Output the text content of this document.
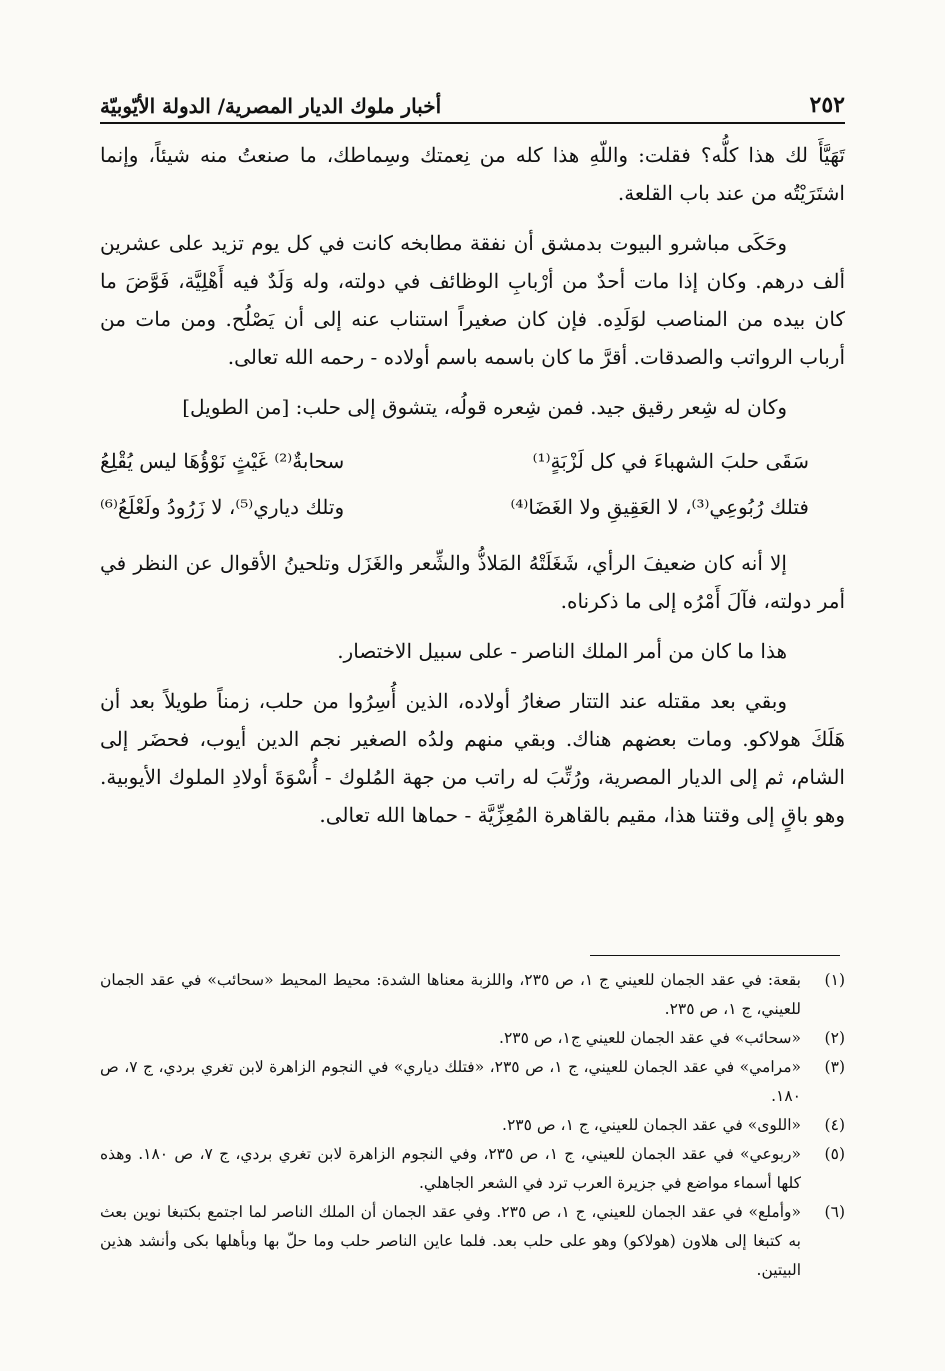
٢٥٢
أخبار ملوك الديار المصرية/ الدولة الأيّوبيّة

تَهَيَّأَ لك هذا كلُّه؟ فقلت: واللّهِ هذا كله من نِعمتك وسِماطك، ما صنعتُ منه شيئاً، وإنما اشتَرَيْتُه من عند باب القلعة.

وحَكَى مباشرو البيوت بدمشق أن نفقة مطابخه كانت في كل يوم تزيد على عشرين ألف درهم. وكان إذا مات أحدٌ من أرْبابِ الوظائف في دولته، وله وَلَدٌ فيه أَهْلِيَّة، فَوَّضَ ما كان بيده من المناصب لوَلَدِه. فإن كان صغيراً استناب عنه إلى أن يَصْلُح. ومن مات من أرباب الرواتب والصدقات. أقرَّ ما كان باسمه باسم أولاده - رحمه الله تعالى.

وكان له شِعر رقيق جيد. فمن شِعره قولُه، يتشوق إلى حلب: [من الطويل]

سَقَى حلبَ الشهباءَ في كل لَزْبَةٍ⁽¹⁾
سحابةٌ⁽²⁾ غَيْثٍ نَوْؤُهَا ليس يُقْلِعُ
فتلك رُبُوعِي⁽³⁾، لا العَقِيقِ ولا الغَضَا⁽⁴⁾
وتلك دياري⁽⁵⁾، لا زَرُودُ ولَعْلَعُ⁽⁶⁾

إلا أنه كان ضعيفَ الرأي، شَغَلَتْهُ المَلاذُّ والشِّعر والغَزَل وتلحينُ الأقوال عن النظر في أمر دولته، فآلَ أَمْرُه إلى ما ذكرناه.

هذا ما كان من أمر الملك الناصر - على سبيل الاختصار.

وبقي بعد مقتله عند التتار صغارُ أولاده، الذين أُسِرُوا من حلب، زمناً طويلاً بعد أن هَلَكَ هولاكو. ومات بعضهم هناك. وبقي منهم ولدُه الصغير نجم الدين أيوب، فحضَر إلى الشام، ثم إلى الديار المصرية، ورُتِّبَ له راتب من جهة المُلوك - أُسْوَةَ أولادِ الملوك الأيوبية. وهو باقٍ إلى وقتنا هذا، مقيم بالقاهرة المُعِزِّيَّة - حماها الله تعالى.

(١)
بقعة: في عقد الجمان للعيني ج ١، ص ٢٣٥، واللزبة معناها الشدة: محيط المحيط «سحائب» في عقد الجمان للعيني، ج ١، ص ٢٣٥.
(٢)
«سحائب» في عقد الجمان للعيني ج١، ص ٢٣٥.
(٣)
«مرامي» في عقد الجمان للعيني، ج ١، ص ٢٣٥، «فتلك دياري» في النجوم الزاهرة لابن تغري بردي، ج ٧، ص ١٨٠.
(٤)
«اللوى» في عقد الجمان للعيني، ج ١، ص ٢٣٥.
(٥)
«ربوعي» في عقد الجمان للعيني، ج ١، ص ٢٣٥، وفي النجوم الزاهرة لابن تغري بردي، ج ٧، ص ١٨٠. وهذه كلها أسماء مواضع في جزيرة العرب ترد في الشعر الجاهلي.
(٦)
«وأملع» في عقد الجمان للعيني، ج ١، ص ٢٣٥. وفي عقد الجمان أن الملك الناصر لما اجتمع بكتبغا نوين بعث به كتبغا إلى هلاون (هولاكو) وهو على حلب بعد. فلما عاين الناصر حلب وما حلّ بها وبأهلها بكى وأنشد هذين البيتين.
